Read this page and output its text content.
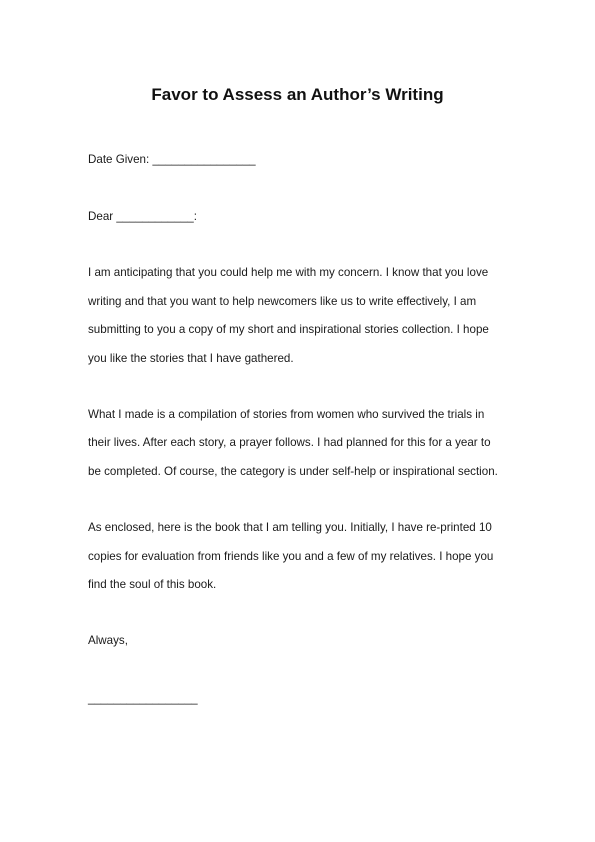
Favor to Assess an Author’s Writing
Date Given: ________________
Dear ____________:
I am anticipating that you could help me with my concern. I know that you love
writing and that you want to help newcomers like us to write effectively, I am
submitting to you a copy of my short and inspirational stories collection. I hope
you like the stories that I have gathered.
What I made is a compilation of stories from women who survived the trials in
their lives. After each story, a prayer follows. I had planned for this for a year to
be completed. Of course, the category is under self-help or inspirational section.
As enclosed, here is the book that I am telling you. Initially, I have re-printed 10
copies for evaluation from friends like you and a few of my relatives. I hope you
find the soul of this book.
Always,
_________________
